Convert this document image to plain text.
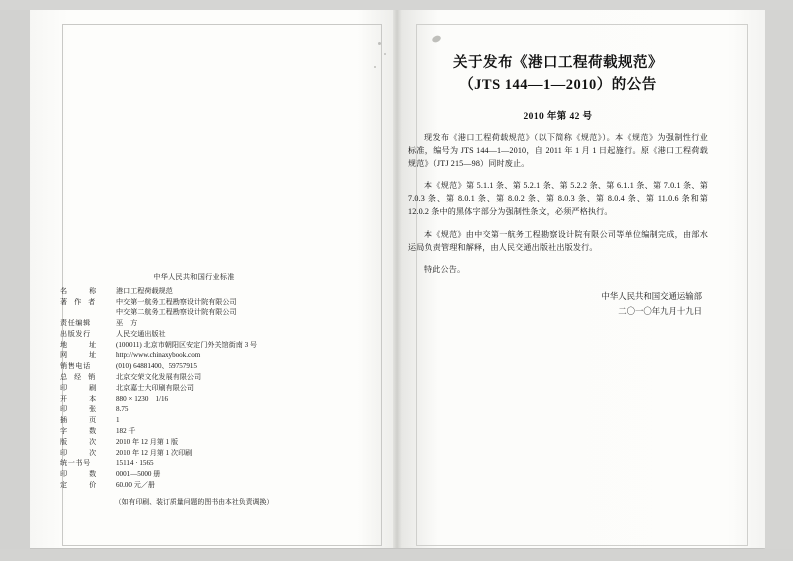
关于发布《港口工程荷载规范》
（JTS 144—1—2010）的公告
2010 年第 42 号

现发布《港口工程荷载规范》（以下简称《规范》）。本《规范》为强制性行业标准，编号为 JTS 144—1—2010，自 2011 年 1 月 1 日起施行。原《港口工程荷载规范》（JTJ 215—98）同时废止。

本《规范》第 5.1.1 条、第 5.2.1 条、第 5.2.2 条、第 6.1.1 条、第 7.0.1 条、第 7.0.3 条、第 8.0.1 条、第 8.0.2 条、第 8.0.3 条、第 8.0.4 条、第 11.0.6 条和第 12.0.2 条中的黑体字部分为强制性条文，必须严格执行。

本《规范》由中交第一航务工程勘察设计院有限公司等单位编制完成，由部水运局负责管理和解释，由人民交通出版社出版发行。

特此公告。

中华人民共和国交通运输部
二〇一〇年九月十九日
中华人民共和国行业标准
名　　称	港口工程荷载规范
著 作 者	中交第一航务工程勘察设计院有限公司
中交第二航务工程勘察设计院有限公司
责任编辑	巫　方
出版发行	人民交通出版社
地　　址	(100011) 北京市朝阳区安定门外关馆街南 3 号
网　　址	http://www.chinaxybook.com
销售电话	(010) 64881400、59757915
总 经 销	北京交荣文化发展有限公司
印　　刷	北京嘉士大印刷有限公司
开　　本	880 × 1230　1/16
印　　张	8.75
插　　页	1
字　　数	182 千
版　　次	2010 年 12 月第 1 版
印　　次	2010 年 12 月第 1 次印刷
统一书号	15114 · 1565
印　　数	0001—5000 册
定　　价	60.00 元／册
（如有印刷、装订质量问题的图书由本社负责调换）
